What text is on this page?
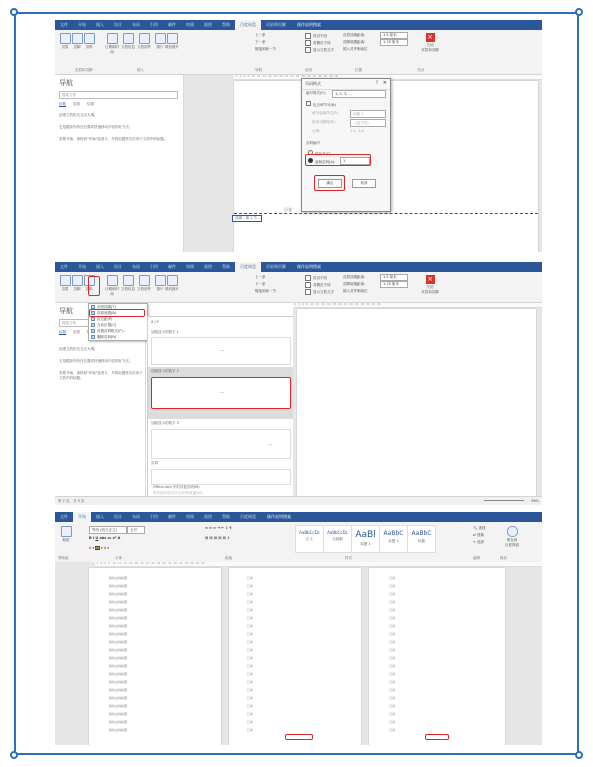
文件	开始	插入	设计	布局	引用	邮件	审阅	视图	帮助	百度网盘	页眉和页脚	操作说明搜索
页眉	页脚	页码	日期和时间
文档信息 文档部件	图片 联机图片
上一条
下一条
链接到前一节
首页不同
奇偶页不同
显示文档文字
页眉顶端距离:
页脚底端距离:
插入对齐制表位
1.5 厘米
1.75 厘米
×
关闭
页眉和页脚
页眉和页脚	插入	导航	选项	位置	关闭
导航
搜索文档
标题 页面 结果
创建文档的交互式大纲。
它是跟踪你所在位置或快速移动内容的好方法。
若要开始，请转到"开始"选项卡，并将标题样式应用于文档中的标题。
· 2 · 4 · 6 · 8 · 10 · 12 · 14 · 16 · 18 · 20 · 22 · 24 · 26 · 28 · 30 · 32 · 34 · 36 · 38 · 40
页脚 - 第 1 节 -
日光
页码格式	×
?
编号格式(F):	1, 2, 3, ...
包含章节号(N)
章节起始样式(P)	标题 1
使用分隔符(E):	- (连字符)
示例:	1-1, 1-A
页码编号
续前节(C)
起始页码(A):	1
确定	取消
文件	开始	插入	设计	布局	引用	邮件	审阅	视图	帮助	百度网盘	页眉和页脚	操作说明搜索
页眉	页脚	页码	日期和时间
文档信息 文档部件	图片 联机图片
上一条
下一条
链接到前一节
首页不同
奇偶页不同
显示文档文字
页眉顶端距离:
页脚底端距离:
插入对齐制表位
1.5 厘米
1.75 厘米
×
关闭
页眉和页脚
导航
搜索文档
标题 页面
创建文档的交互式大纲。
它是跟踪你所在位置或快速移动内容的好方法。
若要开始，请转到"开始"选项卡，并将标题样式应用于文档中的标题。
页面顶端(T)
页面底端(B)
页边距(P)
当前位置(C)
设置页码格式(F)...
删除页码(R)
X / Y
加粗显示的数字 1
···
加粗显示的数字 2
···
加粗显示的数字 3
···
页码
Office.com 中的其他页码(M)
将所选内容另存为页码(底端)(S)
· 2 · 4 · 6 · 8 · 10 · 12 · 14 · 16 · 18 · 20 · 22 · 24 · 26 · 28 · 30 · 32 · 34
第 2 页，共 3 页	96%
文件	开始	插入	设计	布局	引用	邮件	审阅	视图	帮助	百度网盘	操作说明搜索
粘贴
等线 (西文正文)	五号
B I U abc x₂ x² A
A ▾ ab ▾ A ▾
≡ ≡ ≡ ⇥ ⇤ ↕ ¶
▤ ▤ ▤ ▤ ▤ ↕
AaBbCcDc
正文
AaBbCcDc
无间隔	AaBl
标题 1
AaBbC
标题 2
AaBbC
标题
🔍 查找
⇄ 替换
↖ 选择	保存到
百度网盘
剪贴板	字体	段落	样式	编辑	保存
· 2 · 4 · 6 · 8 · 10 · 12 · 14 · 16 · 18 · 20 · 22 · 24 · 26 · 28 · 30 · 32 · 34 · 36 · 38 · 40 · 42
我的文档标题
我的文档标题
我的文档标题
我的文档标题
我的文档标题
我的文档标题
我的文档标题
我的文档标题
我的文档标题
我的文档标题
我的文档标题
我的文档标题
我的文档标题
我的文档标题
我的文档标题
我的文档标题
我的文档标题
我的文档标题
我的文档标题
我的文档标题
日光
日光
日光
日光
日光
日光
日光
日光
日光
日光
日光
日光
日光
日光
日光
日光
日光
日光
日光
日光
日光
日光
日光
日光
日光
日光
日光
日光
日光
日光
日光
日光
日光
日光
日光
日光
日光
日光
日光
日光
